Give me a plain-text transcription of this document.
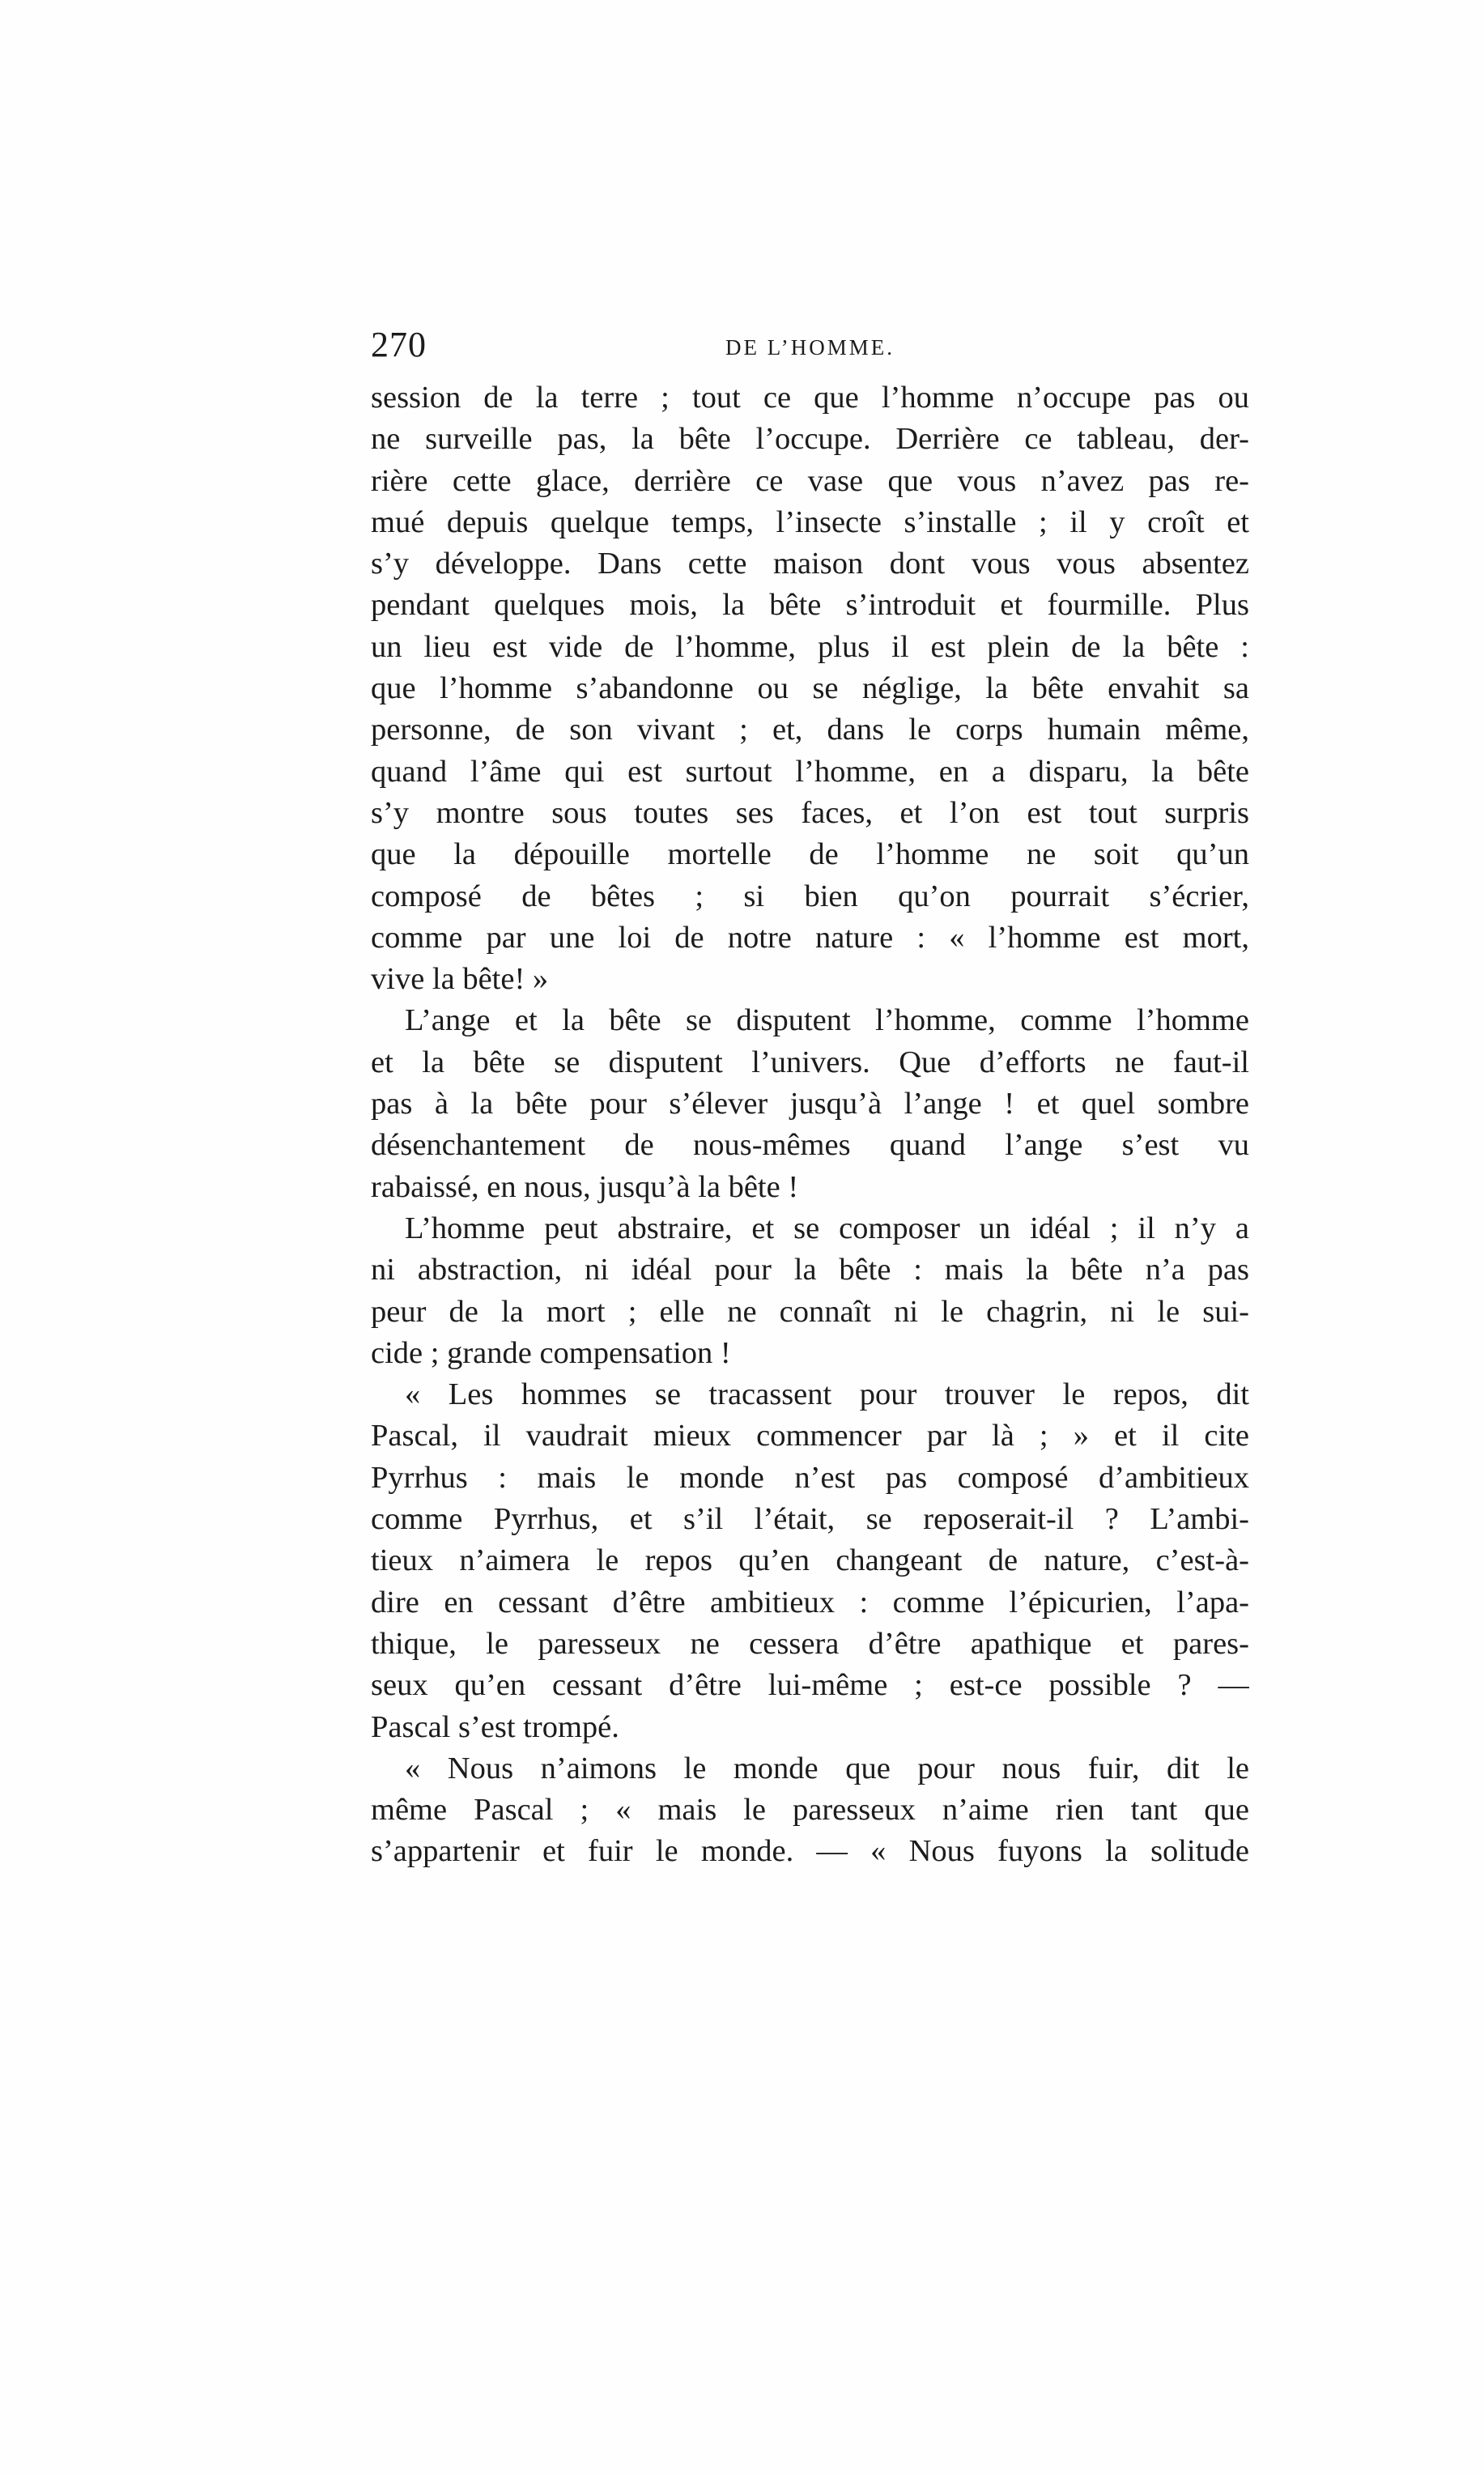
270	DE L’HOMME.
session de la terre ; tout ce que l’homme n’occupe pas ou
ne surveille pas, la bête l’occupe. Derrière ce tableau, der-
rière cette glace, derrière ce vase que vous n’avez pas re-
mué depuis quelque temps, l’insecte s’installe ; il y croît et
s’y développe. Dans cette maison dont vous vous absentez
pendant quelques mois, la bête s’introduit et fourmille. Plus
un lieu est vide de l’homme, plus il est plein de la bête :
que l’homme s’abandonne ou se néglige, la bête envahit sa
personne, de son vivant ; et, dans le corps humain même,
quand l’âme qui est surtout l’homme, en a disparu, la bête
s’y montre sous toutes ses faces, et l’on est tout surpris
que la dépouille mortelle de l’homme ne soit qu’un
composé de bêtes ; si bien qu’on pourrait s’écrier,
comme par une loi de notre nature : « l’homme est mort,
vive la bête! »
L’ange et la bête se disputent l’homme, comme l’homme
et la bête se disputent l’univers. Que d’efforts ne faut-il
pas à la bête pour s’élever jusqu’à l’ange ! et quel sombre
désenchantement de nous-mêmes quand l’ange s’est vu
rabaissé, en nous, jusqu’à la bête !
L’homme peut abstraire, et se composer un idéal ; il n’y a
ni abstraction, ni idéal pour la bête : mais la bête n’a pas
peur de la mort ; elle ne connaît ni le chagrin, ni le sui-
cide ; grande compensation !
« Les hommes se tracassent pour trouver le repos, dit
Pascal, il vaudrait mieux commencer par là ; » et il cite
Pyrrhus : mais le monde n’est pas composé d’ambitieux
comme Pyrrhus, et s’il l’était, se reposerait-il ? L’ambi-
tieux n’aimera le repos qu’en changeant de nature, c’est-à-
dire en cessant d’être ambitieux : comme l’épicurien, l’apa-
thique, le paresseux ne cessera d’être apathique et pares-
seux qu’en cessant d’être lui-même ; est-ce possible ? —
Pascal s’est trompé.
« Nous n’aimons le monde que pour nous fuir, dit le
même Pascal ; « mais le paresseux n’aime rien tant que
s’appartenir et fuir le monde. — « Nous fuyons la solitude
